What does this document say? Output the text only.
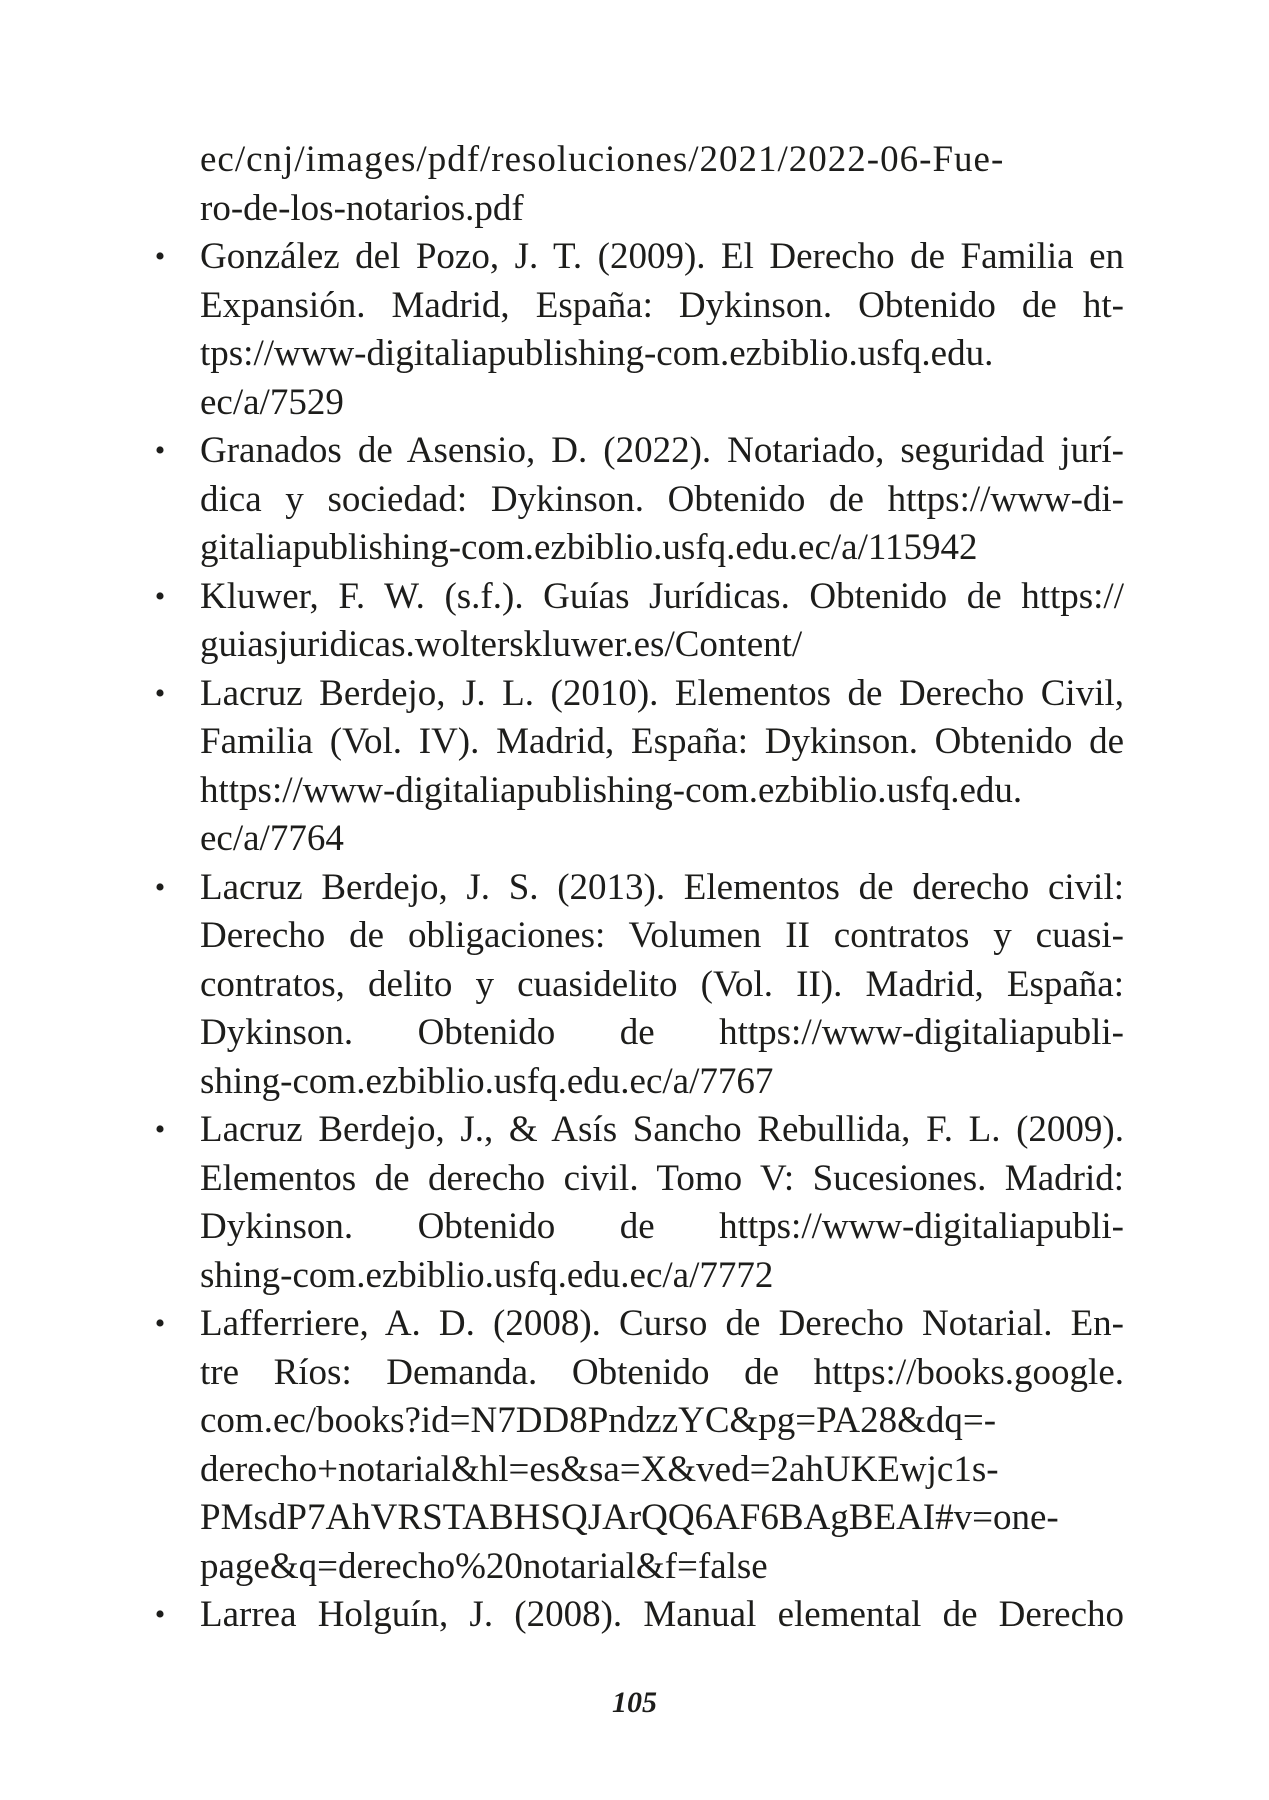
ec/cnj/images/pdf/resoluciones/2021/2022-06-Fue-
ro-de-los-notarios.pdf
• González del Pozo, J. T. (2009). El Derecho de Familia en
Expansión. Madrid, España: Dykinson. Obtenido de ht-
tps://www-digitaliapublishing-com.ezbiblio.usfq.edu.
ec/a/7529
• Granados de Asensio, D. (2022). Notariado, seguridad jurí-
dica y sociedad: Dykinson. Obtenido de https://www-di-
gitaliapublishing-com.ezbiblio.usfq.edu.ec/a/115942
• Kluwer, F. W. (s.f.). Guías Jurídicas. Obtenido de https://
guiasjuridicas.wolterskluwer.es/Content/
• Lacruz Berdejo, J. L. (2010). Elementos de Derecho Civil,
Familia (Vol. IV). Madrid, España: Dykinson. Obtenido de
https://www-digitaliapublishing-com.ezbiblio.usfq.edu.
ec/a/7764
• Lacruz Berdejo, J. S. (2013). Elementos de derecho civil:
Derecho de obligaciones: Volumen II contratos y cuasi-
contratos, delito y cuasidelito (Vol. II). Madrid, España:
Dykinson. Obtenido de https://www-digitaliapubli-
shing-com.ezbiblio.usfq.edu.ec/a/7767
• Lacruz Berdejo, J., & Asís Sancho Rebullida, F. L. (2009).
Elementos de derecho civil. Tomo V: Sucesiones. Madrid:
Dykinson. Obtenido de https://www-digitaliapubli-
shing-com.ezbiblio.usfq.edu.ec/a/7772
• Lafferriere, A. D. (2008). Curso de Derecho Notarial. En-
tre Ríos: Demanda. Obtenido de https://books.google.
com.ec/books?id=N7DD8PndzzYC&pg=PA28&dq=-
derecho+notarial&hl=es&sa=X&ved=2ahUKEwjc1s-
PMsdP7AhVRSTABHSQJArQQ6AF6BAgBEAI#v=one-
page&q=derecho%20notarial&f=false
• Larrea Holguín, J. (2008). Manual elemental de Derecho
105
